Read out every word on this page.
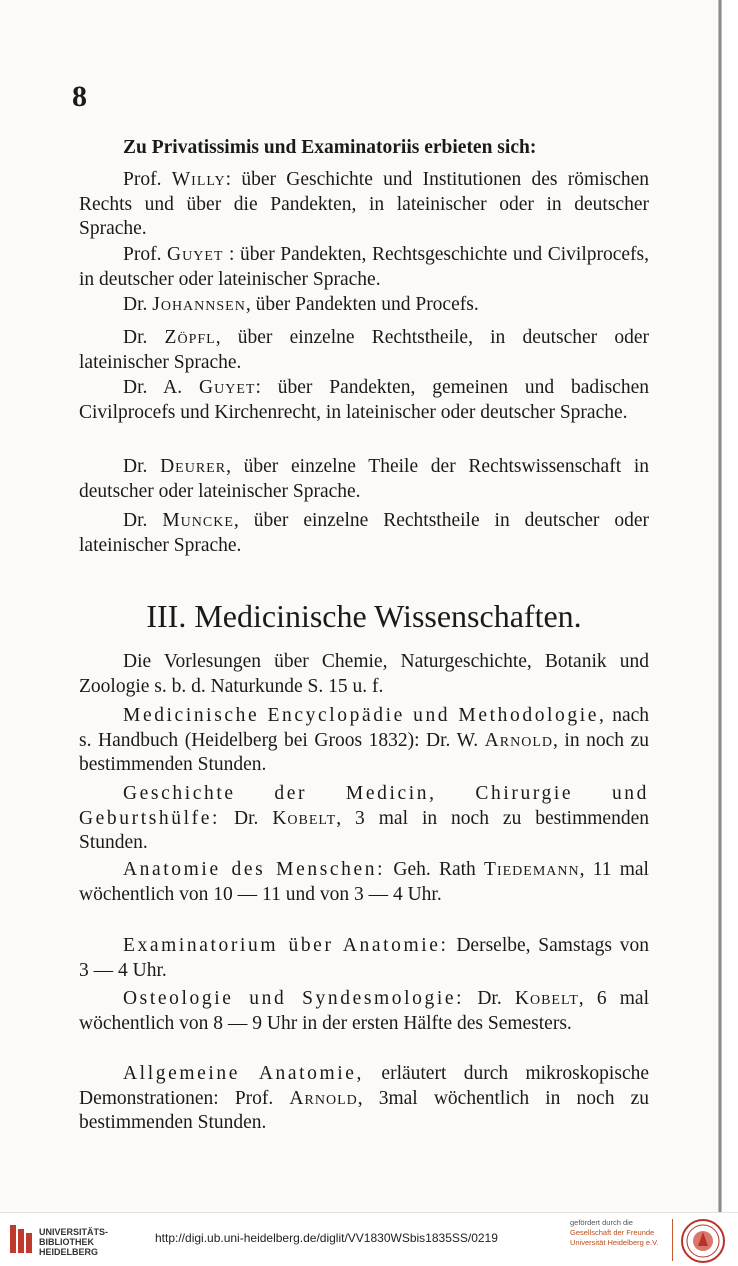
8

Zu Privatissimis und Examinatoriis erbieten sich:

Prof. Willy: über Geschichte und Institutionen des römischen Rechts und über die Pandekten, in lateinischer oder in deutscher Sprache.

Prof. Guyet : über Pandekten, Rechtsgeschichte und Civilprocefs, in deutscher oder lateinischer Sprache.

Dr. Johannsen, über Pandekten und Procefs.

Dr. Zöpfl, über einzelne Rechtstheile, in deutscher oder lateinischer Sprache.

Dr. A. Guyet: über Pandekten, gemeinen und badischen Civilprocefs und Kirchenrecht, in lateinischer oder deutscher Sprache.

Dr. Deurer, über einzelne Theile der Rechtswissenschaft in deutscher oder lateinischer Sprache.

Dr. Muncke, über einzelne Rechtstheile in deutscher oder lateinischer Sprache.

III. Medicinische Wissenschaften.

Die Vorlesungen über Chemie, Naturgeschichte, Botanik und Zoologie s. b. d. Naturkunde S. 15 u. f.

Medicinische Encyclopädie und Methodologie, nach s. Handbuch (Heidelberg bei Groos 1832): Dr. W. Arnold, in noch zu bestimmenden Stunden.

Geschichte der Medicin, Chirurgie und Geburtshülfe: Dr. Kobelt, 3 mal in noch zu bestimmenden Stunden.

Anatomie des Menschen: Geh. Rath Tiedemann, 11 mal wöchentlich von 10 — 11 und von 3 — 4 Uhr.

Examinatorium über Anatomie: Derselbe, Samstags von 3 — 4 Uhr.

Osteologie und Syndesmologie: Dr. Kobelt, 6 mal wöchentlich von 8 — 9 Uhr in der ersten Hälfte des Semesters.

Allgemeine Anatomie, erläutert durch mikroskopische Demonstrationen: Prof. Arnold, 3mal wöchentlich in noch zu bestimmenden Stunden.

UNIVERSITÄTS-
BIBLIOTHEK
HEIDELBERG
http://digi.ub.uni-heidelberg.de/diglit/VV1830WSbis1835SS/0219
gefördert durch die
Gesellschaft der Freunde
Universität Heidelberg e.V.
